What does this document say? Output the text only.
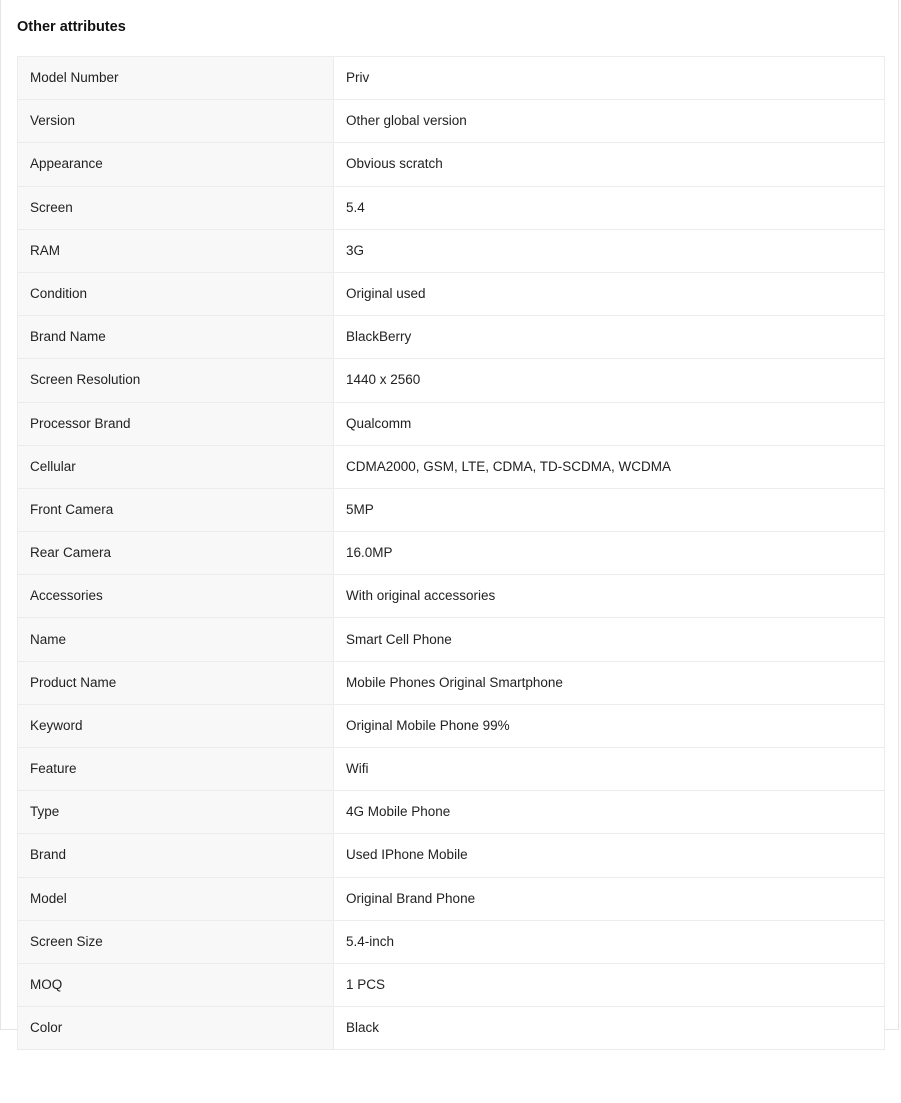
Other attributes
Model Number	Priv
Version	Other global version
Appearance	Obvious scratch
Screen	5.4
RAM	3G
Condition	Original used
Brand Name	BlackBerry
Screen Resolution	1440 x 2560
Processor Brand	Qualcomm
Cellular	CDMA2000, GSM, LTE, CDMA, TD-SCDMA, WCDMA
Front Camera	5MP
Rear Camera	16.0MP
Accessories	With original accessories
Name	Smart Cell Phone
Product Name	Mobile Phones Original Smartphone
Keyword	Original Mobile Phone 99%
Feature	Wifi
Type	4G Mobile Phone
Brand	Used IPhone Mobile
Model	Original Brand Phone
Screen Size	5.4-inch
MOQ	1 PCS
Color	Black
